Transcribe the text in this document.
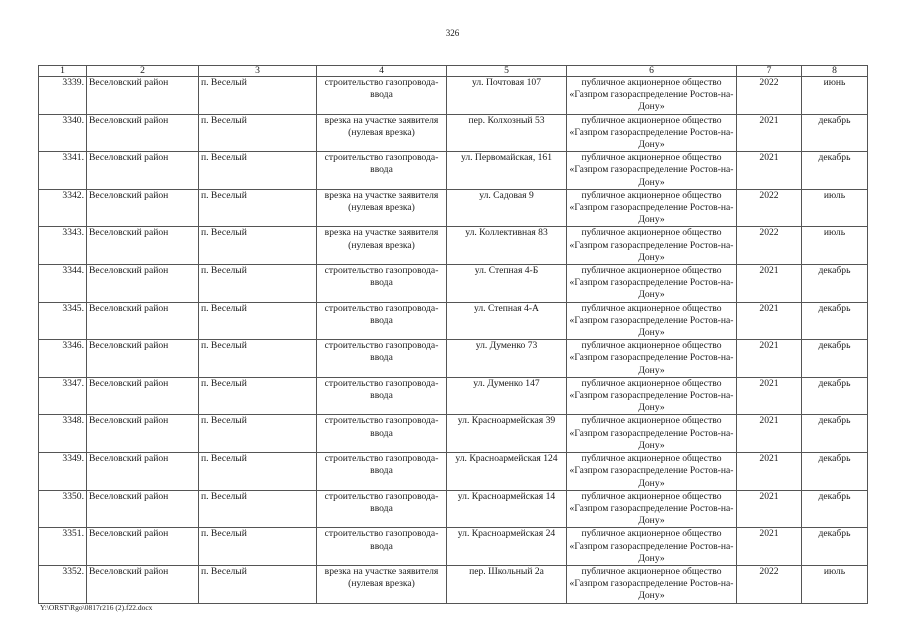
326
1	2	3	4	5	6	7	8
3339.	Веселовский район	п. Веселый	строительство газопровода-ввода	ул. Почтовая 107	публичное акционерное общество «Газпром газораспределение Ростов-на-Дону»	2022	июнь
3340.	Веселовский район	п. Веселый	врезка на участке заявителя (нулевая врезка)	пер. Колхозный 53	публичное акционерное общество «Газпром газораспределение Ростов-на-Дону»	2021	декабрь
3341.	Веселовский район	п. Веселый	строительство газопровода-ввода	ул. Первомайская, 161	публичное акционерное общество «Газпром газораспределение Ростов-на-Дону»	2021	декабрь
3342.	Веселовский район	п. Веселый	врезка на участке заявителя (нулевая врезка)	ул. Садовая 9	публичное акционерное общество «Газпром газораспределение Ростов-на-Дону»	2022	июль
3343.	Веселовский район	п. Веселый	врезка на участке заявителя (нулевая врезка)	ул. Коллективная 83	публичное акционерное общество «Газпром газораспределение Ростов-на-Дону»	2022	июль
3344.	Веселовский район	п. Веселый	строительство газопровода-ввода	ул. Степная 4-Б	публичное акционерное общество «Газпром газораспределение Ростов-на-Дону»	2021	декабрь
3345.	Веселовский район	п. Веселый	строительство газопровода-ввода	ул. Степная 4-А	публичное акционерное общество «Газпром газораспределение Ростов-на-Дону»	2021	декабрь
3346.	Веселовский район	п. Веселый	строительство газопровода-ввода	ул. Думенко 73	публичное акционерное общество «Газпром газораспределение Ростов-на-Дону»	2021	декабрь
3347.	Веселовский район	п. Веселый	строительство газопровода-ввода	ул. Думенко 147	публичное акционерное общество «Газпром газораспределение Ростов-на-Дону»	2021	декабрь
3348.	Веселовский район	п. Веселый	строительство газопровода-ввода	ул. Красноармейская 39	публичное акционерное общество «Газпром газораспределение Ростов-на-Дону»	2021	декабрь
3349.	Веселовский район	п. Веселый	строительство газопровода-ввода	ул. Красноармейская 124	публичное акционерное общество «Газпром газораспределение Ростов-на-Дону»	2021	декабрь
3350.	Веселовский район	п. Веселый	строительство газопровода-ввода	ул. Красноармейская 14	публичное акционерное общество «Газпром газораспределение Ростов-на-Дону»	2021	декабрь
3351.	Веселовский район	п. Веселый	строительство газопровода-ввода	ул. Красноармейская 24	публичное акционерное общество «Газпром газораспределение Ростов-на-Дону»	2021	декабрь
3352.	Веселовский район	п. Веселый	врезка на участке заявителя (нулевая врезка)	пер. Школьный 2а	публичное акционерное общество «Газпром газораспределение Ростов-на-Дону»	2022	июль
Y:\ORST\Rgo\0817r216 (2).f22.docx
